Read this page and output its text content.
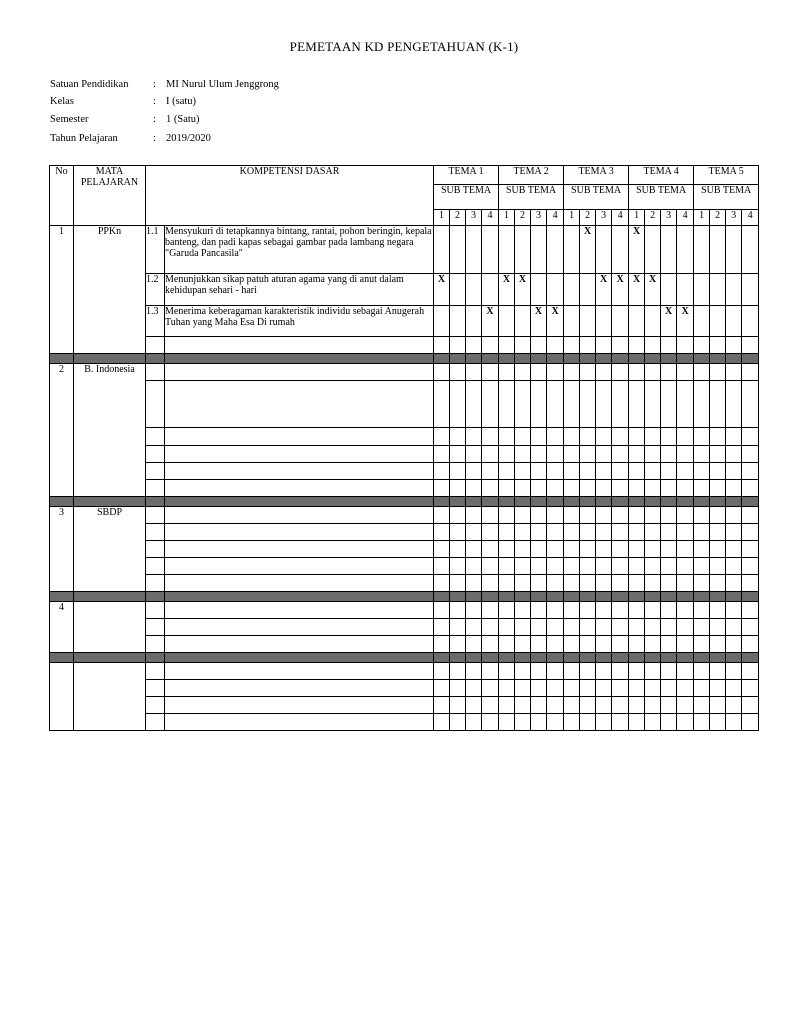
PEMETAAN KD PENGETAHUAN (K-1)
Satuan Pendidikan : MI Nurul Ulum Jenggrong
Kelas	: I (satu)
Semester	: 1 (Satu)
Tahun Pelajaran	: 2019/2020
No	MATA PELAJARAN	KOMPETENSI DASAR		TEMA 1				TEMA 2				TEMA 3				TEMA 4				TEMA 5			
				SUB TEMA				SUB TEMA				SUB TEMA				SUB TEMA				SUB TEMA			
				1	2	3	4	1	2	3	4	1	2	3	4	1	2	3	4	1	2	3	4
1	PPKn	1.1	Mensyukuri di tetapkannya bintang, rantai, pohon beringin, kepala banteng, dan padi kapas sebagai gambar pada lambang negara "Garuda Pancasila"										X			X							
		1.2	Menunjukkan sikap patuh aturan agama yang di anut dalam kehidupan sehari - hari	X				X	X					X	X	X	X						
		1.3	Menerima keberagaman karakteristik individu sebagai Anugerah Tuhan yang Maha Esa Di rumah				X			X	X							X	X				

2	B. Indonesia																						

3	SBDP																						

4																							
